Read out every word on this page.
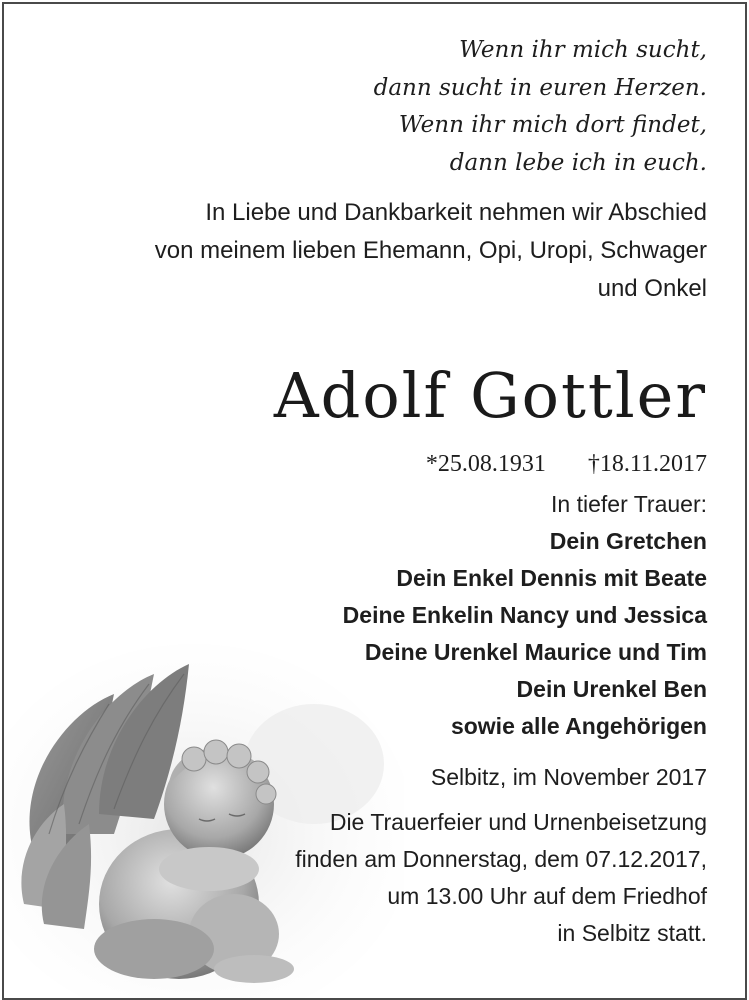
Wenn ihr mich sucht,
dann sucht in euren Herzen.
Wenn ihr mich dort findet,
dann lebe ich in euch.
In Liebe und Dankbarkeit nehmen wir Abschied
von meinem lieben Ehemann, Opi, Uropi, Schwager
und Onkel
Adolf Gottler
*25.08.1931 †18.11.2017
In tiefer Trauer:
Dein Gretchen
Dein Enkel Dennis mit Beate
Deine Enkelin Nancy und Jessica
Deine Urenkel Maurice und Tim
Dein Urenkel Ben
sowie alle Angehörigen
Selbitz, im November 2017
Die Trauerfeier und Urnenbeisetzung
finden am Donnerstag, dem 07.12.2017,
um 13.00 Uhr auf dem Friedhof
in Selbitz statt.
